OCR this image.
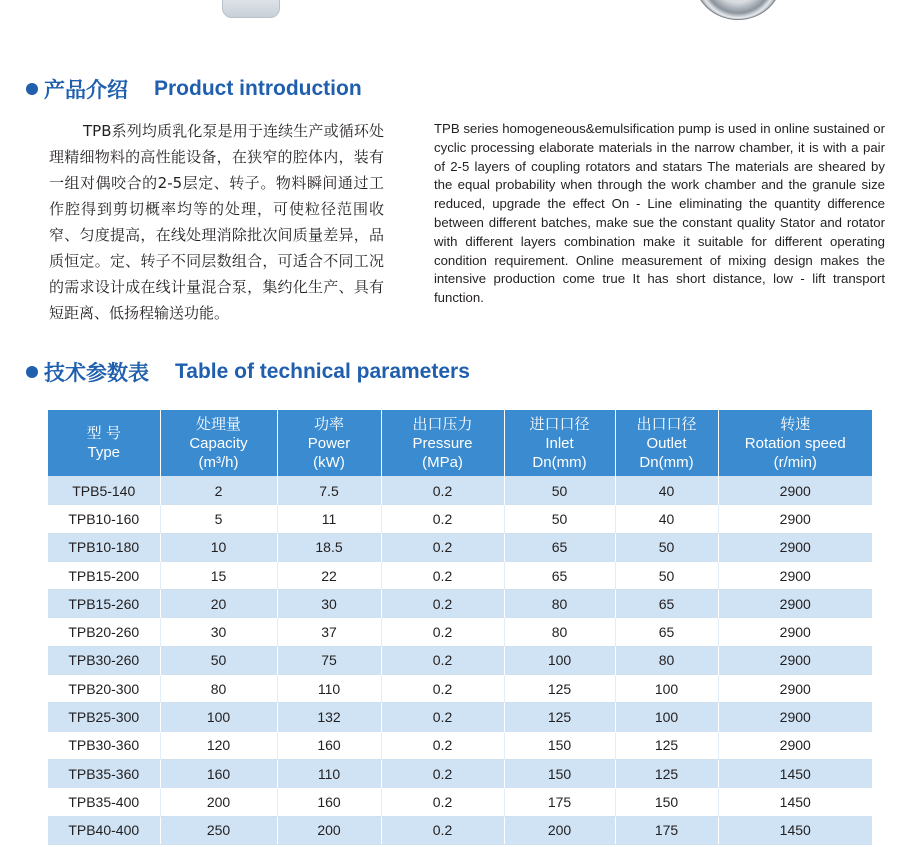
产品介绍 Product introduction

TPB系列均质乳化泵是用于连续生产或循环处理精细物料的高性能设备，在狭窄的腔体内，装有一组对偶咬合的2-5层定、转子。物料瞬间通过工作腔得到剪切概率均等的处理，可使粒径范围收窄、匀度提高，在线处理消除批次间质量差异，品质恒定。定、转子不同层数组合，可适合不同工况的需求设计成在线计量混合泵，集约化生产、具有短距离、低扬程输送功能。

TPB series homogeneous&emulsification pump is used in online sustained or cyclic processing elaborate materials in the narrow chamber, it is with a pair of 2-5 layers of coupling rotators and statars The materials are sheared by the equal probability when through the work chamber and the granule size reduced, upgrade the effect On - Line eliminating the quantity difference between different batches, make sue the constant quality Stator and rotator with different layers combination make it suitable for different operating condition requirement. Online measurement of mixing design makes the intensive production come true It has short distance, low - lift transport function.

技术参数表 Table of technical parameters
型 号
Type	处理量
Capacity
(m³/h)	功率
Power
(kW)	出口压力
Pressure
(MPa)	进口口径
Inlet
Dn(mm)	出口口径
Outlet
Dn(mm)	转速
Rotation speed
(r/min)

TPB5-140	2	7.5	0.2	50	40	2900
TPB10-160	5	11	0.2	50	40	2900
TPB10-180	10	18.5	0.2	65	50	2900
TPB15-200	15	22	0.2	65	50	2900
TPB15-260	20	30	0.2	80	65	2900
TPB20-260	30	37	0.2	80	65	2900
TPB30-260	50	75	0.2	100	80	2900
TPB20-300	80	110	0.2	125	100	2900
TPB25-300	100	132	0.2	125	100	2900
TPB30-360	120	160	0.2	150	125	2900
TPB35-360	160	110	0.2	150	125	1450
TPB35-400	200	160	0.2	175	150	1450
TPB40-400	250	200	0.2	200	175	1450
